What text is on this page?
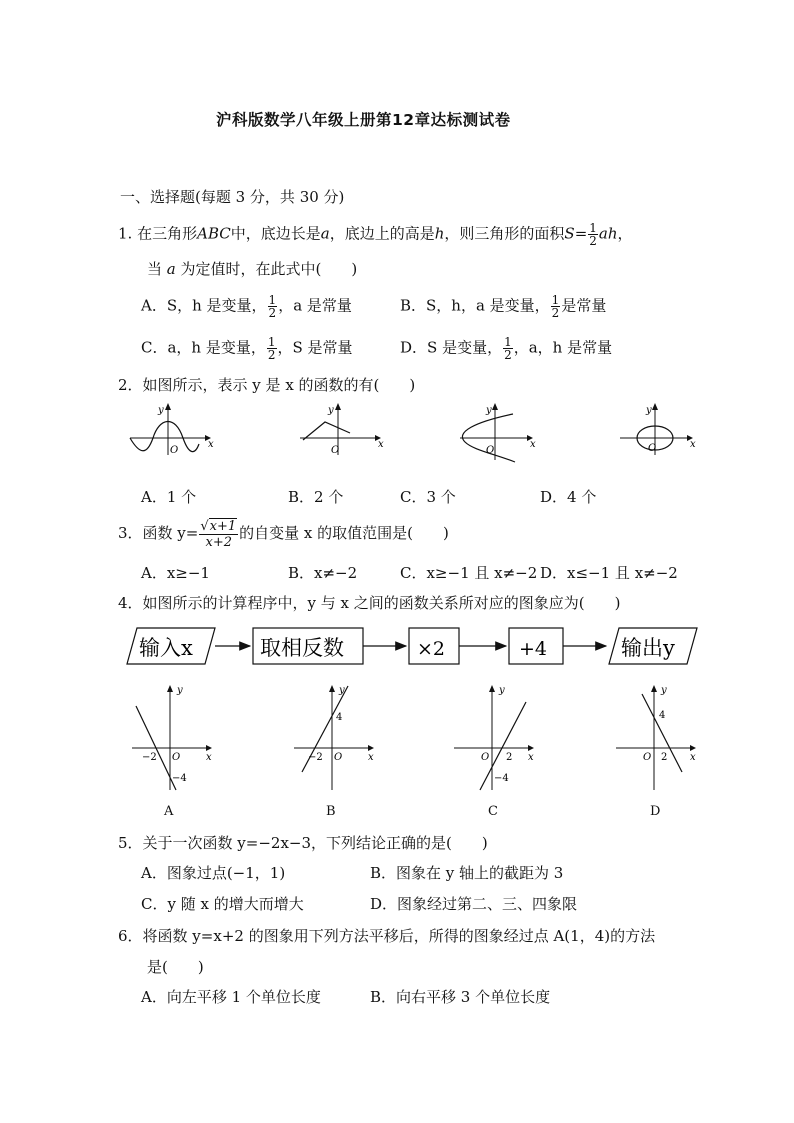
沪科版数学八年级上册第12章达标测试卷
一、选择题(每题 3 分，共 30 分)
1. 在三角形ABC中，底边长是a，底边上的高是h，则三角形的面积$S= \frac{1}{2}$ ah，
当 a 为定值时，在此式中(　　)
A．S，h 是变量， $\frac{1}{2}$ ，a 是常量	B．S，h，a 是变量， $\frac{1}{2}$ 是常量
C．a，h 是变量， $\frac{1}{2}$ ，S 是常量	D．S 是变量， $\frac{1}{2}$ ，a，h 是常量
2．如图所示，表示 y 是 x 的函数的有(　　)
y
x
O
y
x
O
y
x
O
y
x
O
A．1 个	B．2 个	C．3 个	D．4 个
3．函数 $y= \frac{√x+1}{x+2}$ 的自变量 x 的取值范围是(　　)
A．x≥−1	B．x≠−2	C．x≥−1 且 x≠−2 D．x≤−1 且 x≠−2
4．如图所示的计算程序中，y 与 x 之间的函数关系所对应的图象应为(　　)
输入x	取相反数	×2	+4	输出y
y
x
O
−2
−4
A
y
x
O
−2
4
B
y
x
O 2
−4
C
y
x
O 2
4
D
5．关于一次函数 y=−2x−3，下列结论正确的是(　　)
A．图象过点(−1，1)	B．图象在 y 轴上的截距为 3
C．y 随 x 的增大而增大	D．图象经过第二、三、四象限
6．将函数 y=x+2 的图象用下列方法平移后，所得的图象经过点 A(1，4)的方法
是(　　)
A．向左平移 1 个单位长度	B．向右平移 3 个单位长度
